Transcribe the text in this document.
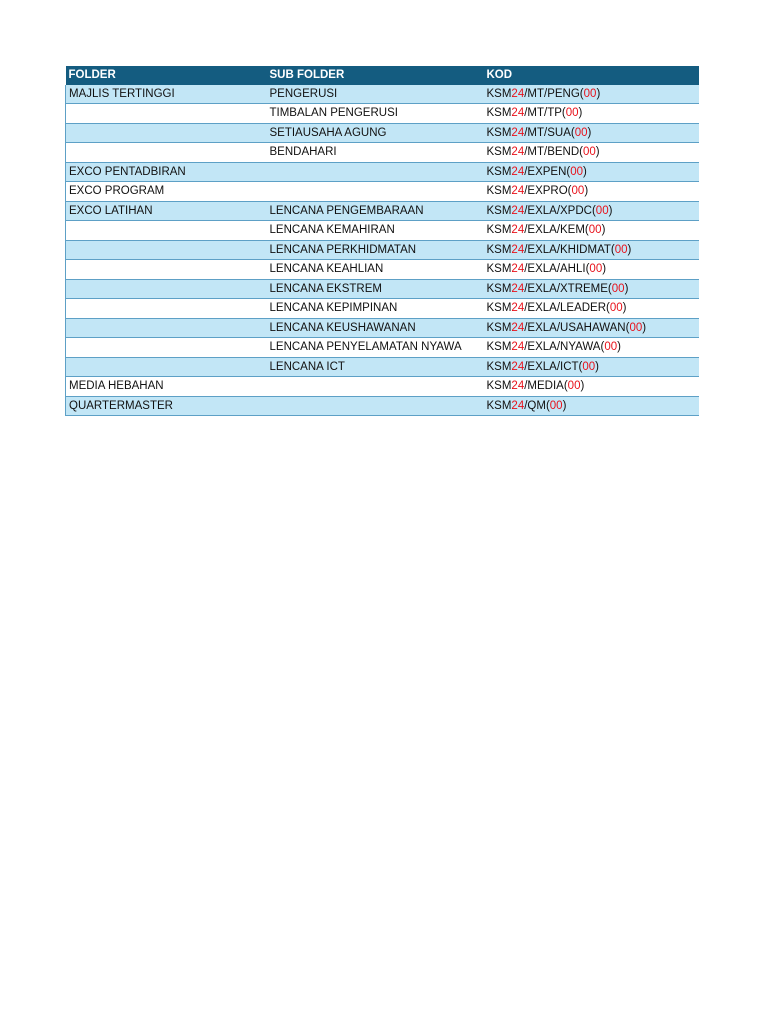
FOLDER	SUB FOLDER	KOD
MAJLIS TERTINGGI	PENGERUSI	KSM24/MT/PENG(00)
	TIMBALAN PENGERUSI	KSM24/MT/TP(00)
	SETIAUSAHA AGUNG	KSM24/MT/SUA(00)
	BENDAHARI	KSM24/MT/BEND(00)
EXCO PENTADBIRAN		KSM24/EXPEN(00)
EXCO PROGRAM		KSM24/EXPRO(00)
EXCO LATIHAN	LENCANA PENGEMBARAAN	KSM24/EXLA/XPDC(00)
	LENCANA KEMAHIRAN	KSM24/EXLA/KEM(00)
	LENCANA PERKHIDMATAN	KSM24/EXLA/KHIDMAT(00)
	LENCANA KEAHLIAN	KSM24/EXLA/AHLI(00)
	LENCANA EKSTREM	KSM24/EXLA/XTREME(00)
	LENCANA KEPIMPINAN	KSM24/EXLA/LEADER(00)
	LENCANA KEUSHAWANAN	KSM24/EXLA/USAHAWAN(00)
	LENCANA PENYELAMATAN NYAWA	KSM24/EXLA/NYAWA(00)
	LENCANA ICT	KSM24/EXLA/ICT(00)
MEDIA HEBAHAN		KSM24/MEDIA(00)
QUARTERMASTER		KSM24/QM(00)
